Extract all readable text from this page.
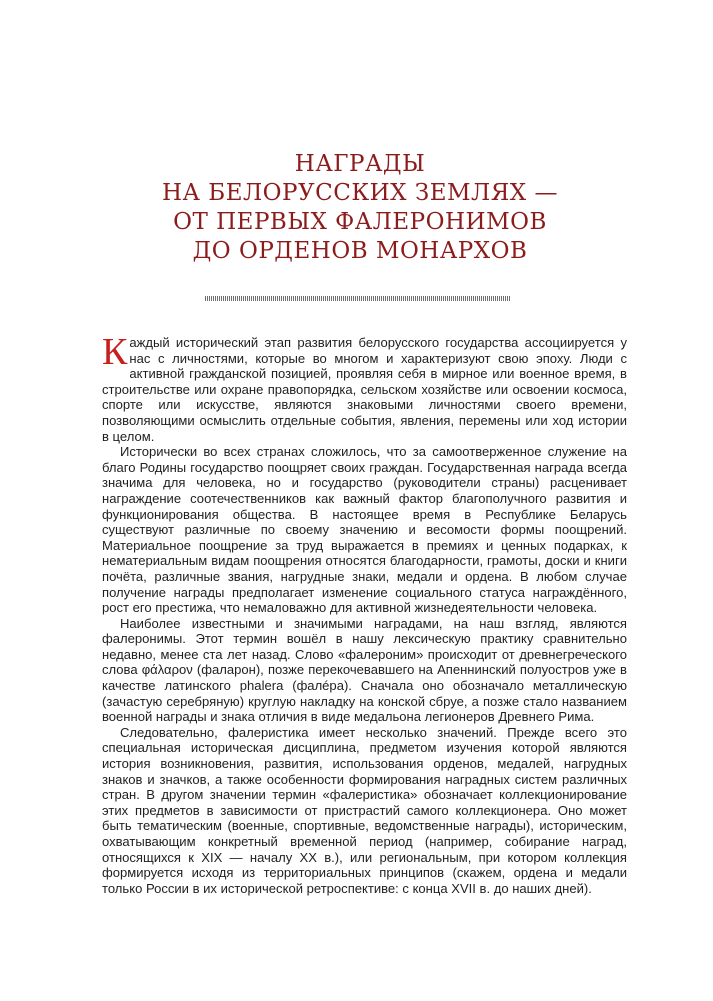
НАГРАДЫ
НА БЕЛОРУССКИХ ЗЕМЛЯХ —
ОТ ПЕРВЫХ ФАЛЕРОНИМОВ
ДО ОРДЕНОВ МОНАРХОВ

Каждый исторический этап развития белорусского государства ассоциируется у нас с личностями, которые во многом и характеризуют свою эпоху. Люди с активной гражданской позицией, проявляя себя в мирное или военное время, в строительстве или охране правопорядка, сельском хозяйстве или освоении космоса, спорте или искусстве, являются знаковыми личностями своего времени, позволяющими осмыслить отдельные события, явления, перемены или ход истории в целом.

Исторически во всех странах сложилось, что за самоотверженное служение на благо Родины государство поощряет своих граждан. Государственная награда всегда значима для человека, но и государство (руководители страны) расценивает награждение соотечественников как важный фактор благополучного развития и функционирования общества. В настоящее время в Республике Беларусь существуют различные по своему значению и весомости формы поощрений. Материальное поощрение за труд выражается в премиях и ценных подарках, к нематериальным видам поощрения относятся благодарности, грамоты, доски и книги почёта, различные звания, нагрудные знаки, медали и ордена. В любом случае получение награды предполагает изменение социального статуса награждённого, рост его престижа, что немаловажно для активной жизнедеятельности человека.

Наиболее известными и значимыми наградами, на наш взгляд, являются фалеронимы. Этот термин вошёл в нашу лексическую практику сравнительно недавно, менее ста лет назад. Слово «фалероним» происходит от древнегреческого слова φάλαρον (фаларон), позже перекочевавшего на Апеннинский полуостров уже в качестве латинского phalera (фалéра). Сначала оно обозначало металлическую (зачастую серебряную) круглую накладку на конской сбруе, а позже стало названием военной награды и знака отличия в виде медальона легионеров Древнего Рима.

Следовательно, фалеристика имеет несколько значений. Прежде всего это специальная историческая дисциплина, предметом изучения которой являются история возникновения, развития, использования орденов, медалей, нагрудных знаков и значков, а также особенности формирования наградных систем различных стран. В другом значении термин «фалеристика» обозначает коллекционирование этих предметов в зависимости от пристрастий самого коллекционера. Оно может быть тематическим (военные, спортивные, ведомственные награды), историческим, охватывающим конкретный временной период (например, собирание наград, относящихся к XIX — началу XX в.), или региональным, при котором коллекция формируется исходя из территориальных принципов (скажем, ордена и медали только России в их исторической ретроспективе: с конца XVII в. до наших дней).
